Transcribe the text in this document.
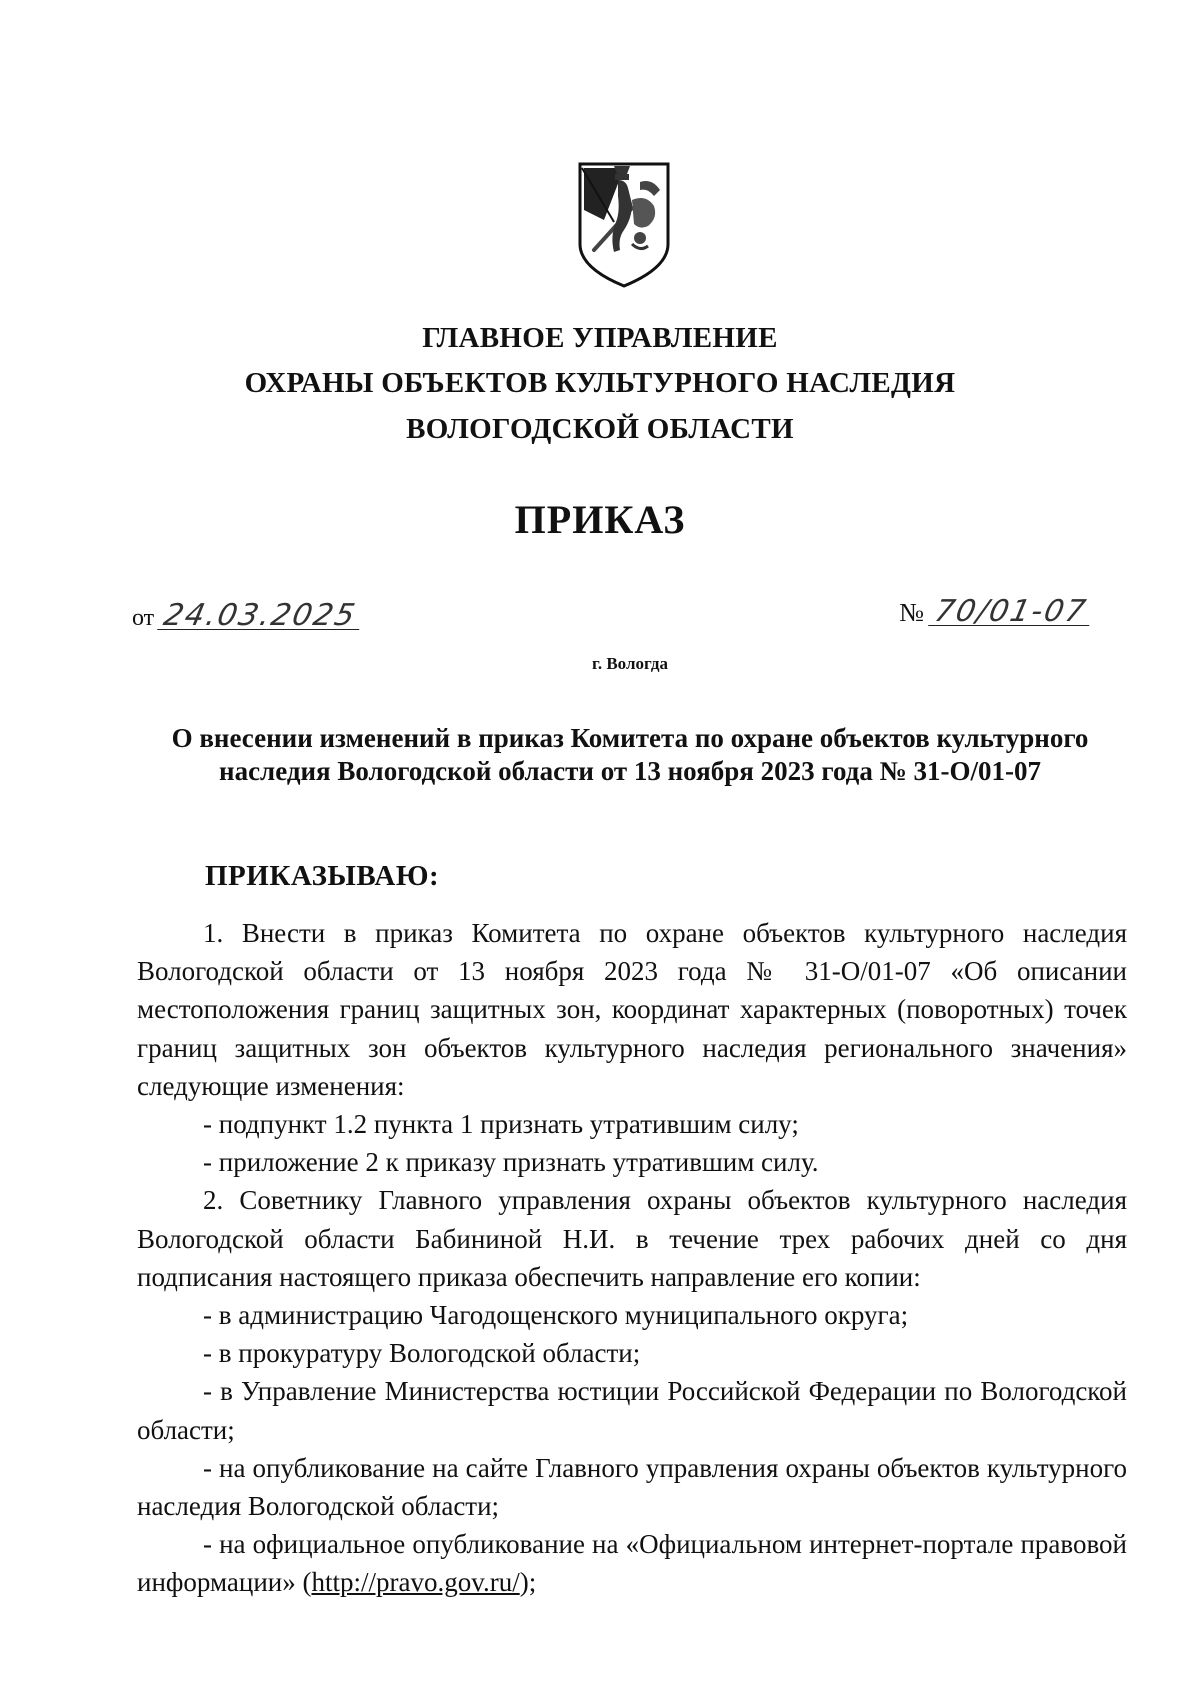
ГЛАВНОЕ УПРАВЛЕНИЕ
ОХРАНЫ ОБЪЕКТОВ КУЛЬТУРНОГО НАСЛЕДИЯ
ВОЛОГОДСКОЙ ОБЛАСТИ
ПРИКАЗ
от 24.03.2025	№ 70/01-07
г. Вологда
О внесении изменений в приказ Комитета по охране объектов культурного наследия Вологодской области от 13 ноября 2023 года № 31-О/01-07
ПРИКАЗЫВАЮ:

1. Внести в приказ Комитета по охране объектов культурного наследия Вологодской области от 13 ноября 2023 года № 31-О/01-07 «Об описании местоположения границ защитных зон, координат характерных (поворотных) точек границ защитных зон объектов культурного наследия регионального значения» следующие изменения:

- подпункт 1.2 пункта 1 признать утратившим силу;

- приложение 2 к приказу признать утратившим силу.

2. Советнику Главного управления охраны объектов культурного наследия Вологодской области Бабининой Н.И. в течение трех рабочих дней со дня подписания настоящего приказа обеспечить направление его копии:

- в администрацию Чагодощенского муниципального округа;

- в прокуратуру Вологодской области;

- в Управление Министерства юстиции Российской Федерации по Вологодской области;

- на опубликование на сайте Главного управления охраны объектов культурного наследия Вологодской области;

- на официальное опубликование на «Официальном интернет-портале правовой информации» (http://pravo.gov.ru/);
